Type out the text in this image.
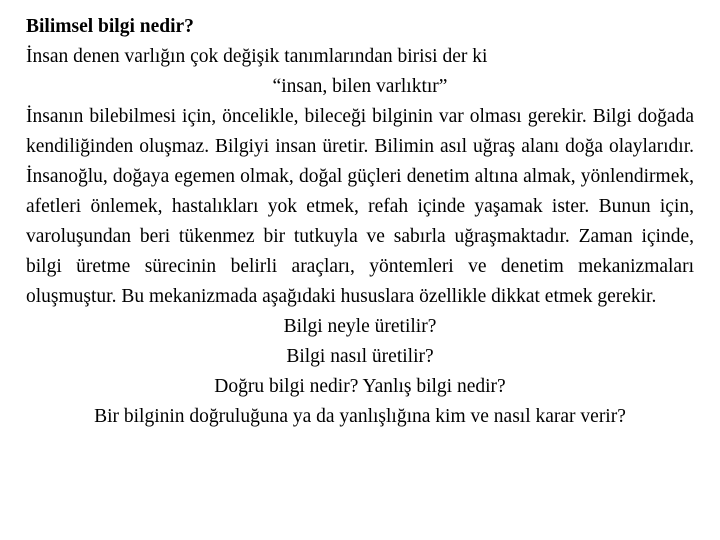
Bilimsel bilgi nedir?
İnsan denen varlığın çok değişik tanımlarından birisi der ki
“insan, bilen varlıktır”
İnsanın bilebilmesi için, öncelikle, bileceği bilginin var olması gerekir. Bilgi doğada kendiliğinden oluşmaz. Bilgiyi insan üretir. Bilimin asıl uğraş alanı doğa olaylarıdır. İnsanoğlu, doğaya egemen olmak, doğal güçleri denetim altına almak, yönlendirmek, afetleri önlemek, hastalıkları yok etmek, refah içinde yaşamak ister. Bunun için, varoluşundan beri tükenmez bir tutkuyla ve sabırla uğraşmaktadır. Zaman içinde, bilgi üretme sürecinin belirli araçları, yöntemleri ve denetim mekanizmaları oluşmuştur. Bu mekanizmada aşağıdaki hususlara özellikle dikkat etmek gerekir.

Bilgi neyle üretilir?

Bilgi nasıl üretilir?

Doğru bilgi nedir? Yanlış bilgi nedir?

Bir bilginin doğruluğuna ya da yanlışlığına kim ve nasıl karar verir?
